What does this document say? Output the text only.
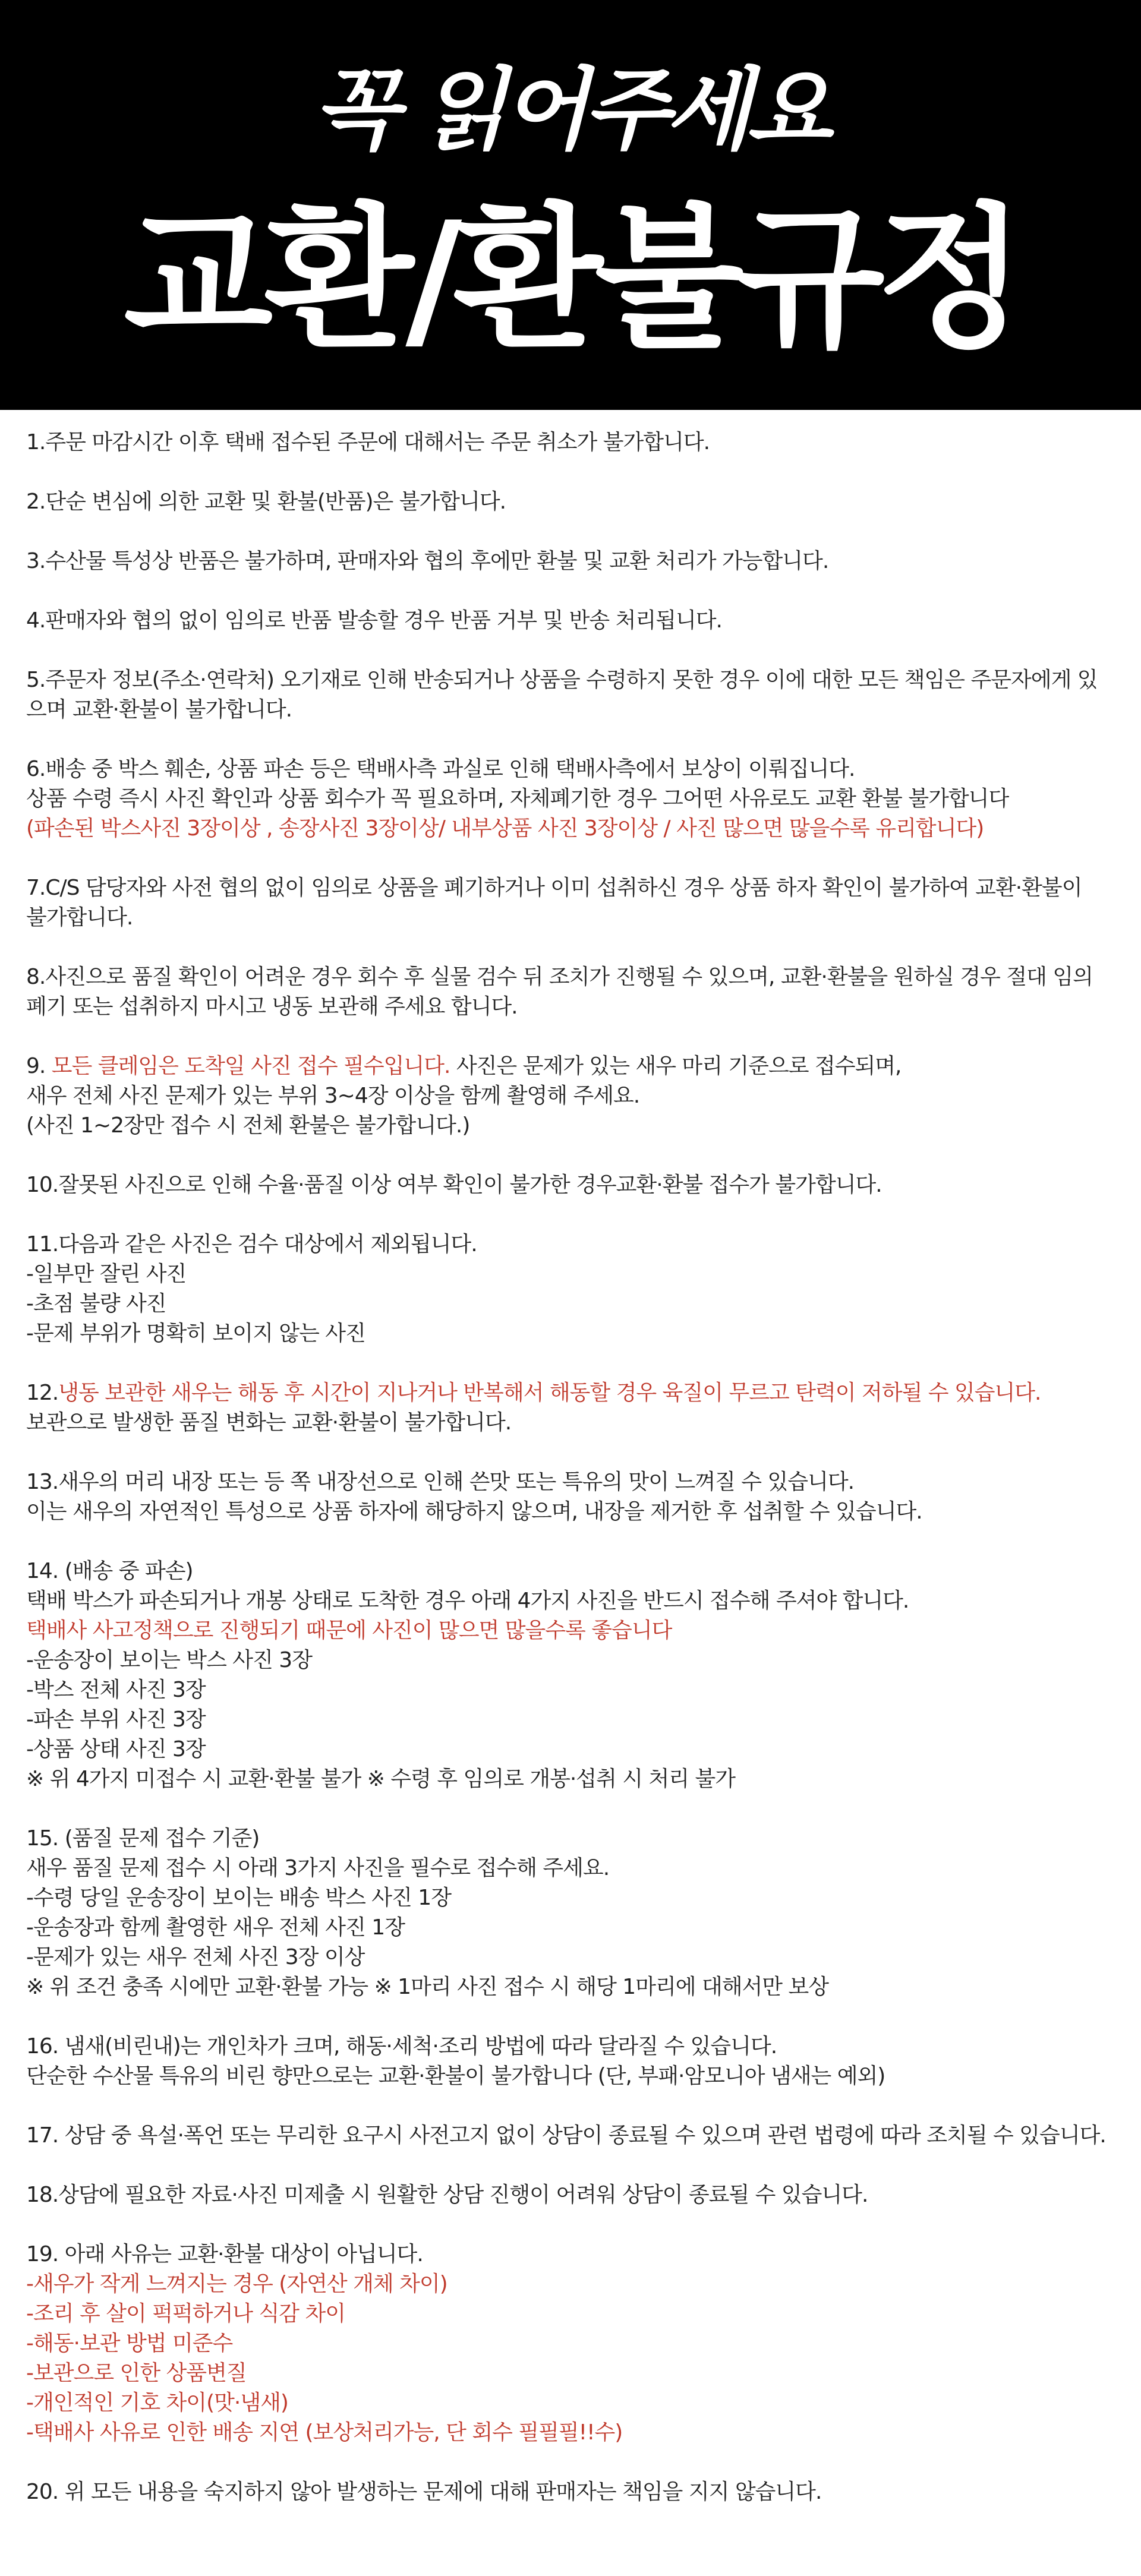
꼭 읽어주세요
교환/환불규정
1.주문 마감시간 이후 택배 접수된 주문에 대해서는 주문 취소가 불가합니다.
2.단순 변심에 의한 교환 및 환불(반품)은 불가합니다.
3.수산물 특성상 반품은 불가하며, 판매자와 협의 후에만 환불 및 교환 처리가 가능합니다.
4.판매자와 협의 없이 임의로 반품 발송할 경우 반품 거부 및 반송 처리됩니다.
5.주문자 정보(주소·연락처) 오기재로 인해 반송되거나 상품을 수령하지 못한 경우 이에 대한 모든 책임은 주문자에게 있
으며 교환·환불이 불가합니다.
6.배송 중 박스 훼손, 상품 파손 등은 택배사측 과실로 인해 택배사측에서 보상이 이뤄집니다.
상품 수령 즉시 사진 확인과 상품 회수가 꼭 필요하며, 자체폐기한 경우 그어떤 사유로도 교환 환불 불가합니다
(파손된 박스사진 3장이상 , 송장사진 3장이상/ 내부상품 사진 3장이상 / 사진 많으면 많을수록 유리합니다)
7.C/S 담당자와 사전 협의 없이 임의로 상품을 폐기하거나 이미 섭취하신 경우 상품 하자 확인이 불가하여 교환·환불이
불가합니다.
8.사진으로 품질 확인이 어려운 경우 회수 후 실물 검수 뒤 조치가 진행될 수 있으며, 교환·환불을 원하실 경우 절대 임의
폐기 또는 섭취하지 마시고 냉동 보관해 주세요 합니다.
9. 모든 클레임은 도착일 사진 접수 필수입니다. 사진은 문제가 있는 새우 마리 기준으로 접수되며,
새우 전체 사진 문제가 있는 부위 3~4장 이상을 함께 촬영해 주세요.
(사진 1~2장만 접수 시 전체 환불은 불가합니다.)
10.잘못된 사진으로 인해 수율·품질 이상 여부 확인이 불가한 경우교환·환불 접수가 불가합니다.
11.다음과 같은 사진은 검수 대상에서 제외됩니다.
-일부만 잘린 사진
-초점 불량 사진
-문제 부위가 명확히 보이지 않는 사진
12.냉동 보관한 새우는 해동 후 시간이 지나거나 반복해서 해동할 경우 육질이 무르고 탄력이 저하될 수 있습니다.
보관으로 발생한 품질 변화는 교환·환불이 불가합니다.
13.새우의 머리 내장 또는 등 쪽 내장선으로 인해 쓴맛 또는 특유의 맛이 느껴질 수 있습니다.
이는 새우의 자연적인 특성으로 상품 하자에 해당하지 않으며, 내장을 제거한 후 섭취할 수 있습니다.
14. (배송 중 파손)
택배 박스가 파손되거나 개봉 상태로 도착한 경우 아래 4가지 사진을 반드시 접수해 주셔야 합니다.
택배사 사고정책으로 진행되기 때문에 사진이 많으면 많을수록 좋습니다
-운송장이 보이는 박스 사진 3장
-박스 전체 사진 3장
-파손 부위 사진 3장
-상품 상태 사진 3장
※ 위 4가지 미접수 시 교환·환불 불가 ※ 수령 후 임의로 개봉·섭취 시 처리 불가
15. (품질 문제 접수 기준)
새우 품질 문제 접수 시 아래 3가지 사진을 필수로 접수해 주세요.
-수령 당일 운송장이 보이는 배송 박스 사진 1장
-운송장과 함께 촬영한 새우 전체 사진 1장
-문제가 있는 새우 전체 사진 3장 이상
※ 위 조건 충족 시에만 교환·환불 가능 ※ 1마리 사진 접수 시 해당 1마리에 대해서만 보상
16. 냄새(비린내)는 개인차가 크며, 해동·세척·조리 방법에 따라 달라질 수 있습니다.
단순한 수산물 특유의 비린 향만으로는 교환·환불이 불가합니다 (단, 부패·암모니아 냄새는 예외)
17. 상담 중 욕설·폭언 또는 무리한 요구시 사전고지 없이 상담이 종료될 수 있으며 관련 법령에 따라 조치될 수 있습니다.
18.상담에 필요한 자료·사진 미제출 시 원활한 상담 진행이 어려워 상담이 종료될 수 있습니다.
19. 아래 사유는 교환·환불 대상이 아닙니다.
-새우가 작게 느껴지는 경우 (자연산 개체 차이)
-조리 후 살이 퍽퍽하거나 식감 차이
-해동·보관 방법 미준수
-보관으로 인한 상품변질
-개인적인 기호 차이(맛·냄새)
-택배사 사유로 인한 배송 지연 (보상처리가능, 단 회수 필필필!!수)
20. 위 모든 내용을 숙지하지 않아 발생하는 문제에 대해 판매자는 책임을 지지 않습니다.
